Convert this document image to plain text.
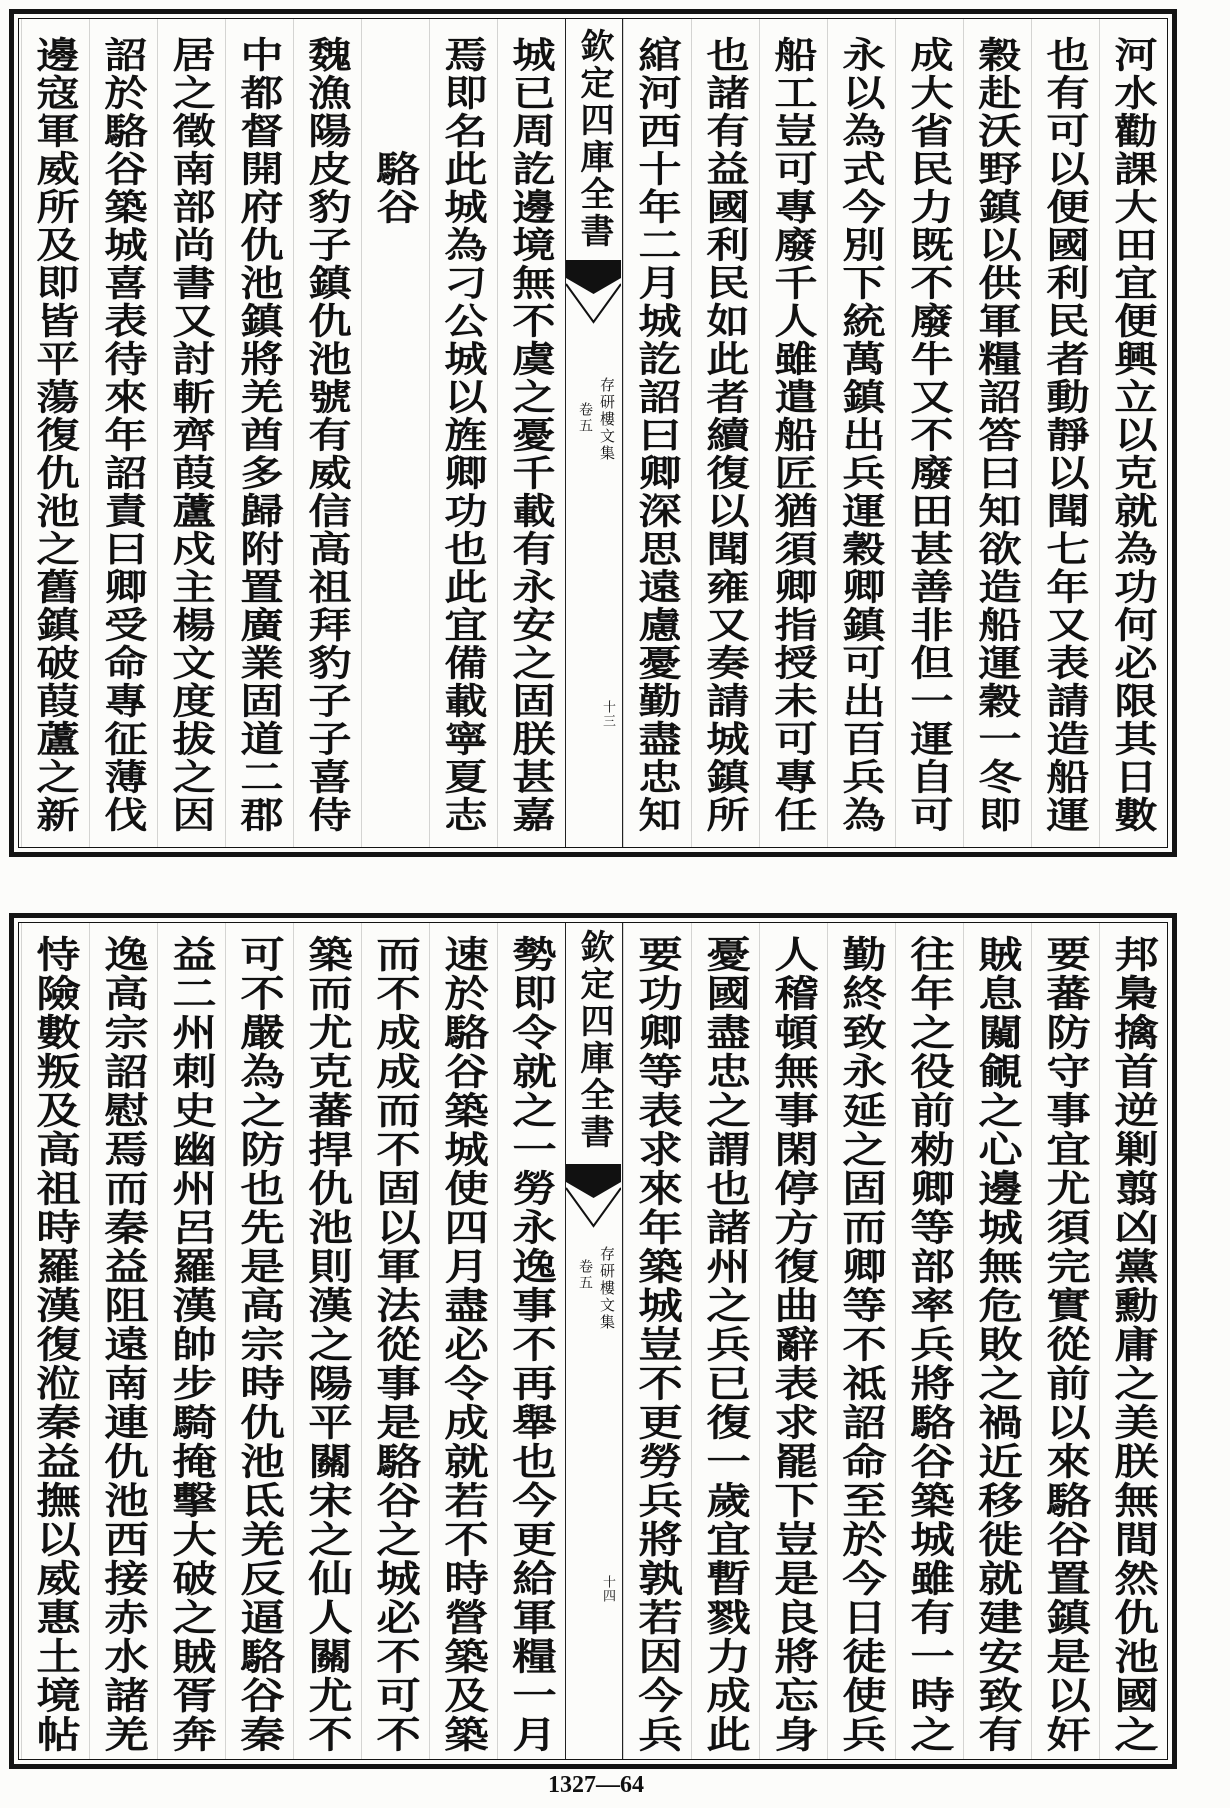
河水勸課大田宜便興立以克就為功何必限其日數
也有可以便國利民者動靜以聞七年又表請造船運
穀赴沃野鎮以供軍糧詔答曰知欲造船運穀一冬即
成大省民力既不廢牛又不廢田甚善非但一運自可
永以為式今別下統萬鎮出兵運穀卿鎮可出百兵為
船工豈可專廢千人雖遣船匠猶須卿指授未可專任
也諸有益國利民如此者續復以聞雍又奏請城鎮所
綰河西十年二月城訖詔曰卿深思遠慮憂勤盡忠知
欽定四庫全書
存研樓文集
卷五
十三
城已周訖邊境無不虞之憂千載有永安之固朕甚嘉
焉即名此城為刁公城以旌卿功也此宜備載寧夏志
駱谷
魏漁陽皮豹子鎮仇池號有威信高祖拜豹子子喜侍
中都督開府仇池鎮將羌酋多歸附置廣業固道二郡
居之徵南部尚書又討斬齊葭蘆戍主楊文度拔之因
詔於駱谷築城喜表待來年詔責曰卿受命專征薄伐
邊寇軍威所及即皆平蕩復仇池之舊鎮破葭蘆之新
邦梟擒首逆剿翦凶黨勳庸之美朕無間然仇池國之
要蕃防守事宜尤須完實從前以來駱谷置鎮是以奸
賊息闚覦之心邊城無危敗之禍近移徙就建安致有
往年之役前勑卿等部率兵將駱谷築城雖有一時之
勤終致永延之固而卿等不祗詔命至於今日徒使兵
人稽頓無事閑停方復曲辭表求罷下豈是良將忘身
憂國盡忠之謂也諸州之兵已復一歲宜暫戮力成此
要功卿等表求來年築城豈不更勞兵將孰若因今兵
欽定四庫全書
存研樓文集
卷五
十四
勢即令就之一勞永逸事不再舉也今更給軍糧一月
速於駱谷築城使四月盡必令成就若不時營築及築
而不成成而不固以軍法從事是駱谷之城必不可不
築而尤克蕃捍仇池則漢之陽平關宋之仙人關尤不
可不嚴為之防也先是高宗時仇池氐羌反逼駱谷秦
益二州刺史幽州呂羅漢帥步騎掩擊大破之賊胥奔
逸高宗詔慰焉而秦益阻遠南連仇池西接赤水諸羌
恃險數叛及高祖時羅漢復涖秦益撫以威惠土境帖
1327—64
